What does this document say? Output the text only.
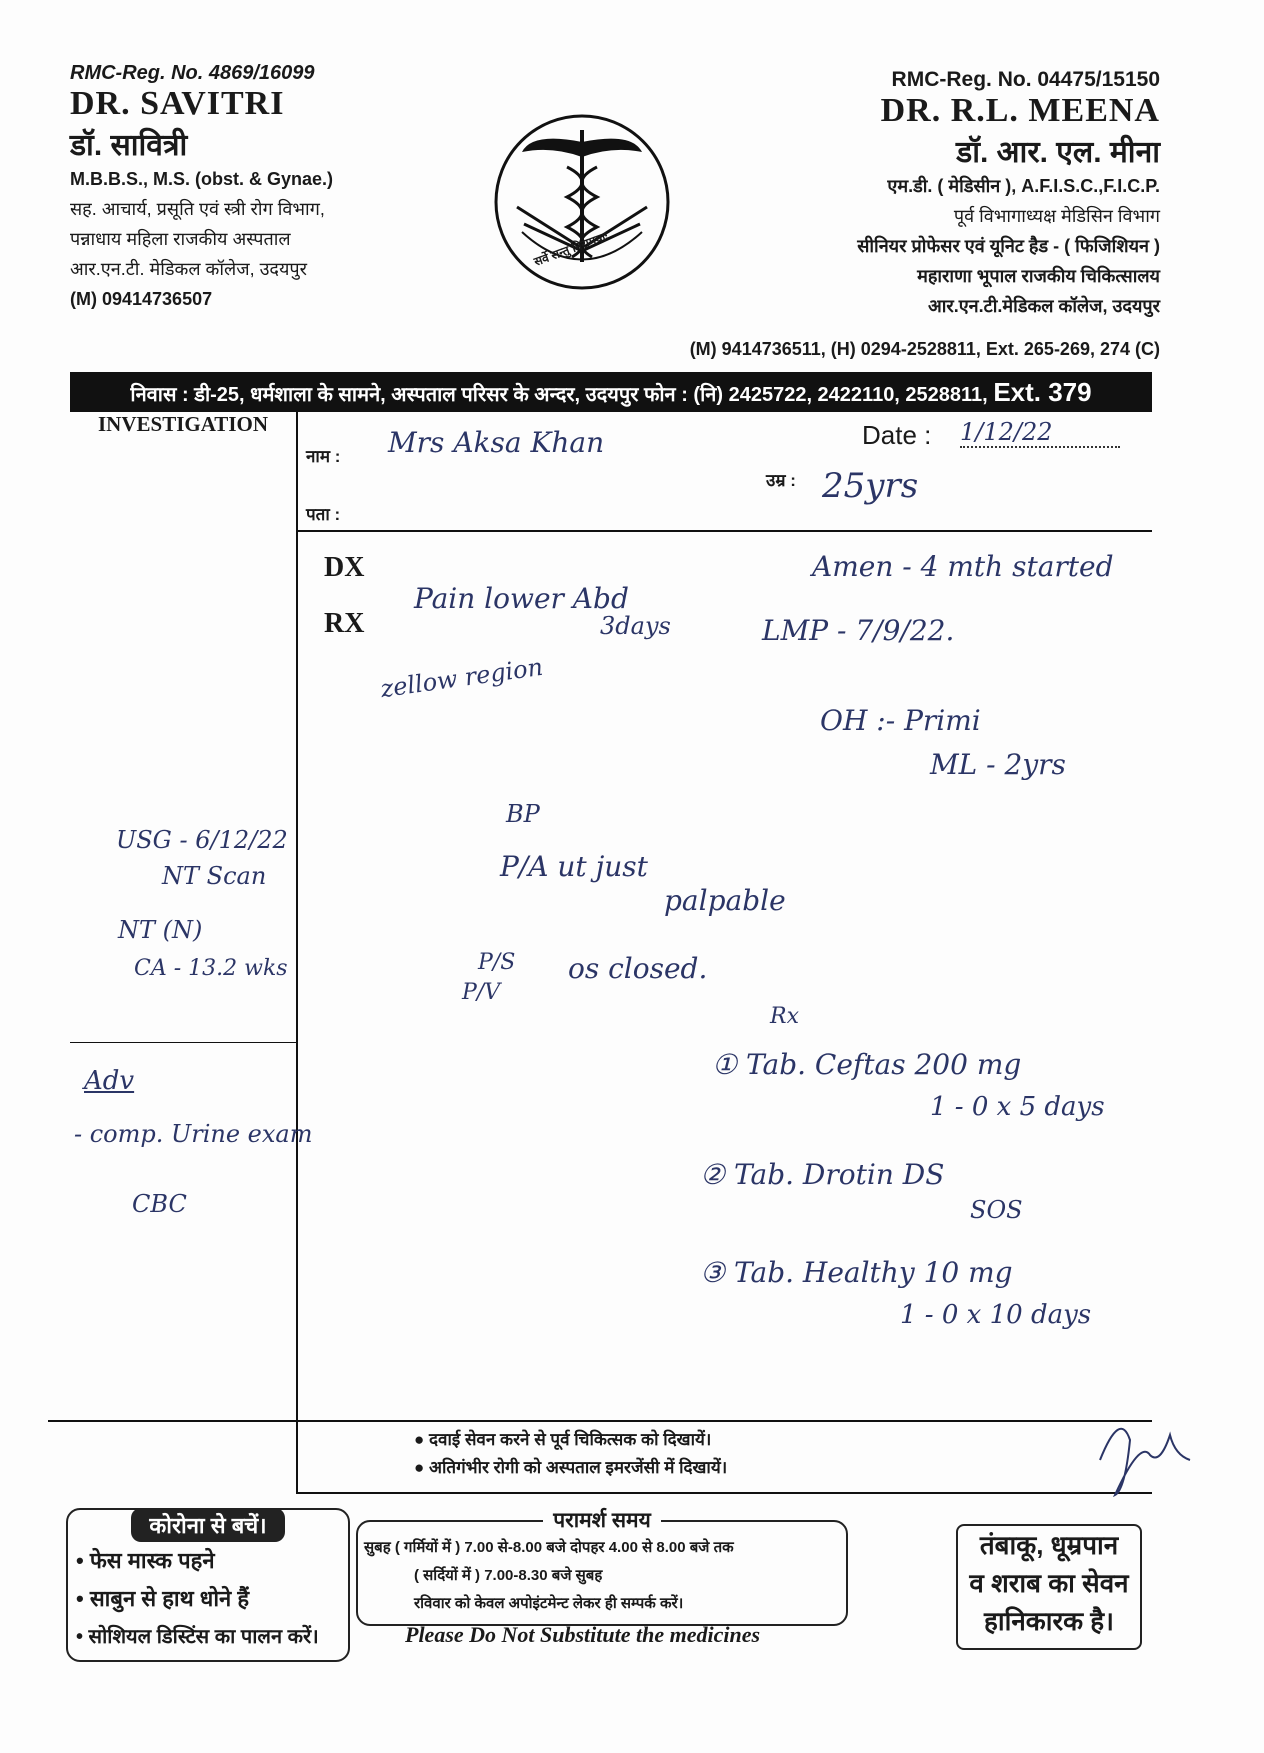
RMC-Reg. No. 4869/16099
DR. SAVITRI
डॉ. सावित्री
M.B.B.S., M.S. (obst. & Gynae.)
सह. आचार्य, प्रसूति एवं स्त्री रोग विभाग,
पन्नाधाय महिला राजकीय अस्पताल
आर.एन.टी. मेडिकल कॉलेज, उदयपुर
(M) 09414736507
सर्वे सन्तु निरामयाः
RMC-Reg. No. 04475/15150
DR. R.L. MEENA
डॉ. आर. एल. मीना
एम.डी. ( मेडिसीन ), A.F.I.S.C.,F.I.C.P.
पूर्व विभागाध्यक्ष मेडिसिन विभाग
सीनियर प्रोफेसर एवं यूनिट हैड - ( फिजिशियन )
महाराणा भूपाल राजकीय चिकित्सालय
आर.एन.टी.मेडिकल कॉलेज, उदयपुर
(M) 9414736511, (H) 0294-2528811, Ext. 265-269, 274 (C)
निवास : डी-25, धर्मशाला के सामने, अस्पताल परिसर के अन्दर, उदयपुर फोन : (नि) 2425722, 2422110, 2528811, Ext. 379
INVESTIGATION
नाम : Mrs Aksa Khan
पता :
Date : 1/12/22
उम्र : 25yrs
DX
RX
Pain lower Abd
3days
zellow region
Amen - 4 mth started
LMP - 7/9/22.
OH :- Primi
ML - 2yrs
BP
P/A ut just
palpable
P/S
P/V
os closed.
Rx
① Tab. Ceftas 200 mg
1 - 0 x 5 days
② Tab. Drotin DS
SOS
③ Tab. Healthy 10 mg
1 - 0 x 10 days
USG - 6/12/22
NT Scan
NT (N)
CA - 13.2 wks
Adv
- comp. Urine exam
CBC
● दवाई सेवन करने से पूर्व चिकित्सक को दिखायें।
● अतिगंभीर रोगी को अस्पताल इमरजेंसी में दिखायें।
कोरोना से बचें।
• फेस मास्क पहने
• साबुन से हाथ धोने हैं
• सोशियल डिस्टिंस का पालन करें।
परामर्श समय
सुबह ( गर्मियों में ) 7.00 से-8.00 बजे दोपहर 4.00 से 8.00 बजे तक
( सर्दियों में ) 7.00-8.30 बजे सुबह
रविवार को केवल अपोइंटमेन्ट लेकर ही सम्पर्क करें।
तंबाकू, धूम्रपान
व शराब का सेवन
हानिकारक है।
Please Do Not Substitute the medicines
